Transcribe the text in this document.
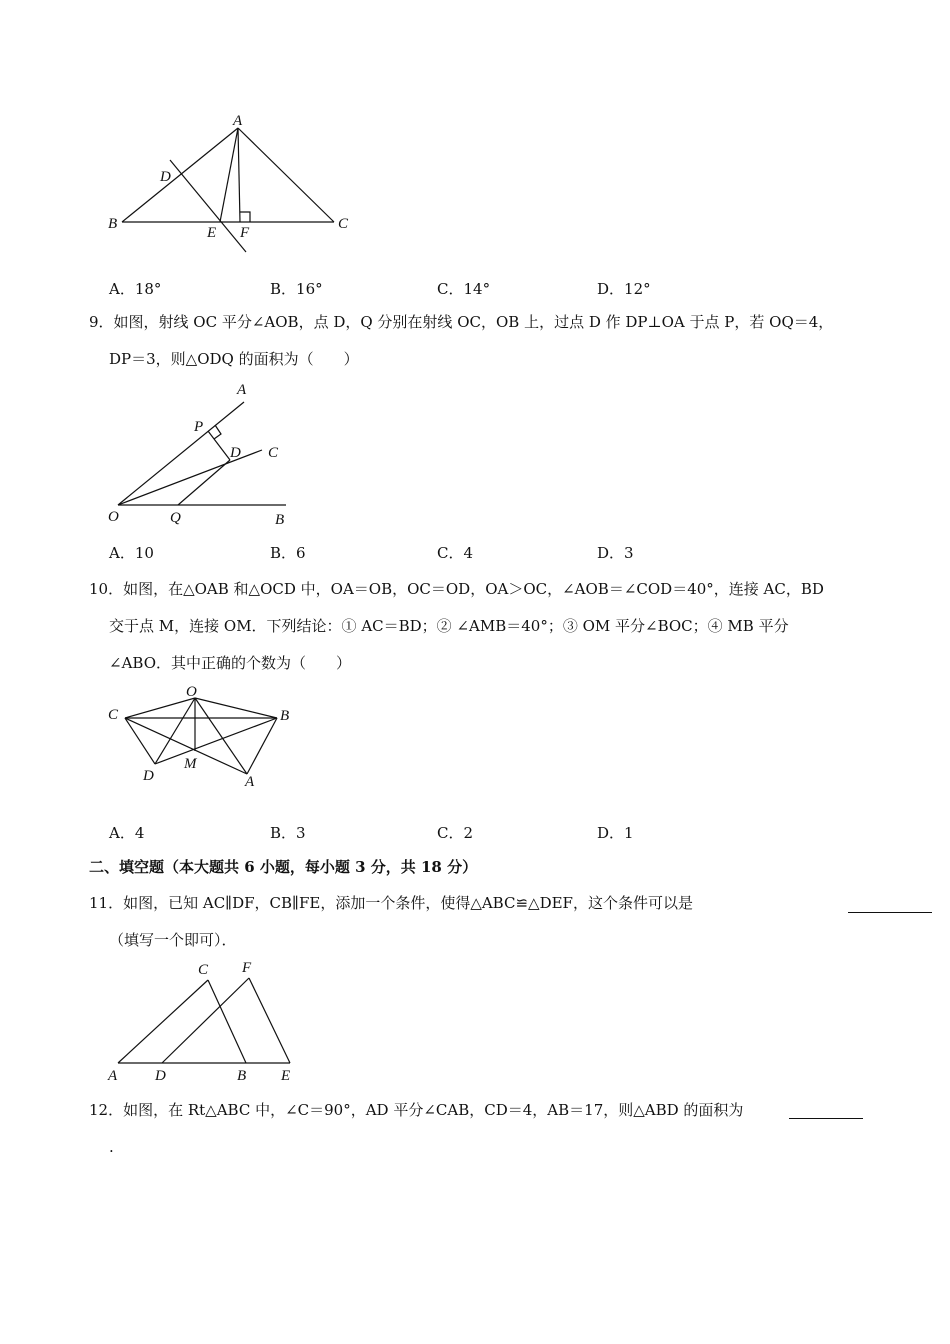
A
B	C
D
E F
A．18°	B．16°	C．14°	D．12°
9．如图，射线 OC 平分∠AOB，点 D，Q 分别在射线 OC，OB 上，过点 D 作 DP⊥OA 于点 P，若 OQ＝4，
DP＝3，则△ODQ 的面积为（　　）
A
P
D C
O	Q	B
A．10	B．6	C．4	D．3
10．如图，在△OAB 和△OCD 中，OA＝OB，OC＝OD，OA＞OC，∠AOB＝∠COD＝40°，连接 AC，BD
交于点 M，连接 OM．下列结论：① AC＝BD；② ∠AMB＝40°；③ OM 平分∠BOC；④ MB 平分
∠ABO．其中正确的个数为（　　）
O
C	B
D
M
A
A．4	B．3	C．2	D．1
二、填空题（本大题共 6 小题，每小题 3 分，共 18 分）
11．如图，已知 AC∥DF，CB∥FE，添加一个条件，使得△ABC≌△DEF，这个条件可以是
（填写一个即可）．
C F
A	D	B E
12．如图，在 Rt△ABC 中，∠C＝90°，AD 平分∠CAB，CD＝4，AB＝17，则△ABD 的面积为
.
